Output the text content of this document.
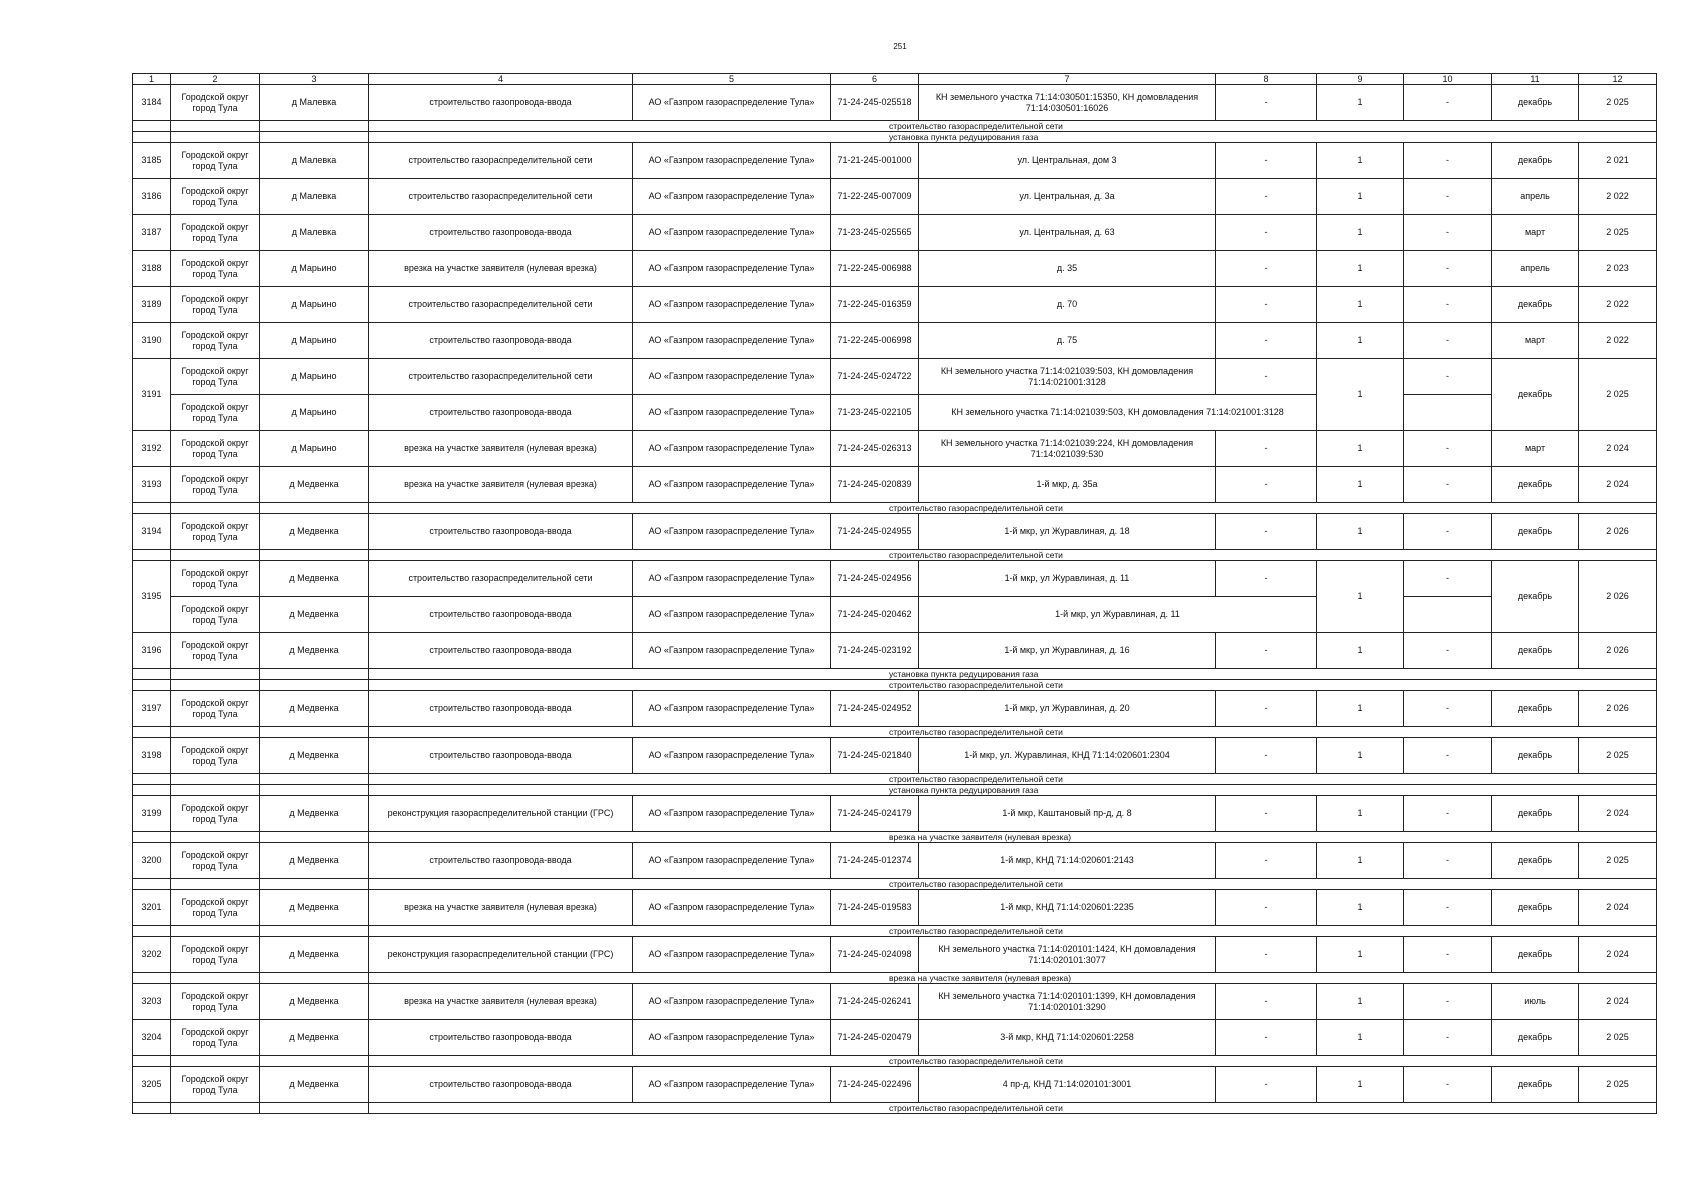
251
1	2	3	4	5	6	7	8	9	10	11	12
3184	Городской округ город Тула	д Малевка	строительство газопровода-ввода	АО «Газпром газораспределение Тула»	71-24-245-025518	КН земельного участка 71:14:030501:15350, КН домовладения 71:14:030501:16026	-	1	-	декабрь	2 025
			строительство газораспределительной сети								
			установка пункта редуцирования газа								
3185	Городской округ город Тула	д Малевка	строительство газораспределительной сети	АО «Газпром газораспределение Тула»	71-21-245-001000	ул. Центральная, дом 3	-	1	-	декабрь	2 021
3186	Городской округ город Тула	д Малевка	строительство газораспределительной сети	АО «Газпром газораспределение Тула»	71-22-245-007009	ул. Центральная, д. 3а	-	1	-	апрель	2 022
3187	Городской округ город Тула	д Малевка	строительство газопровода-ввода	АО «Газпром газораспределение Тула»	71-23-245-025565	ул. Центральная, д. 63	-	1	-	март	2 025
3188	Городской округ город Тула	д Марьино	врезка на участке заявителя (нулевая врезка)	АО «Газпром газораспределение Тула»	71-22-245-006988	д. 35	-	1	-	апрель	2 023
3189	Городской округ город Тула	д Марьино	строительство газораспределительной сети	АО «Газпром газораспределение Тула»	71-22-245-016359	д. 70	-	1	-	декабрь	2 022
3190	Городской округ город Тула	д Марьино	строительство газопровода-ввода	АО «Газпром газораспределение Тула»	71-22-245-006998	д. 75	-	1	-	март	2 022
3191	Городской округ город Тула	д Марьино	строительство газораспределительной сети	АО «Газпром газораспределение Тула»	71-24-245-024722	КН земельного участка 71:14:021039:503, КН домовладения 71:14:021001:3128	-	1	-	декабрь	2 025
	Городской округ город Тула	д Марьино	строительство газопровода-ввода	АО «Газпром газораспределение Тула»	71-23-245-022105	КН земельного участка 71:14:021039:503, КН домовладения 71:14:021001:3128					
3192	Городской округ город Тула	д Марьино	врезка на участке заявителя (нулевая врезка)	АО «Газпром газораспределение Тула»	71-24-245-026313	КН земельного участка 71:14:021039:224, КН домовладения 71:14:021039:530	-	1	-	март	2 024
3193	Городской округ город Тула	д Медвенка	врезка на участке заявителя (нулевая врезка)	АО «Газпром газораспределение Тула»	71-24-245-020839	1-й мкр, д. 35а	-	1	-	декабрь	2 024
			строительство газораспределительной сети								
3194	Городской округ город Тула	д Медвенка	строительство газопровода-ввода	АО «Газпром газораспределение Тула»	71-24-245-024955	1-й мкр, ул Журавлиная, д. 18	-	1	-	декабрь	2 026
			строительство газораспределительной сети								
3195	Городской округ город Тула	д Медвенка	строительство газораспределительной сети	АО «Газпром газораспределение Тула»	71-24-245-024956	1-й мкр, ул Журавлиная, д. 11	-	1	-	декабрь	2 026
	Городской округ город Тула	д Медвенка	строительство газопровода-ввода	АО «Газпром газораспределение Тула»	71-24-245-020462	1-й мкр, ул Журавлиная, д. 11					
3196	Городской округ город Тула	д Медвенка	строительство газопровода-ввода	АО «Газпром газораспределение Тула»	71-24-245-023192	1-й мкр, ул Журавлиная, д. 16	-	1	-	декабрь	2 026
			установка пункта редуцирования газа								
			строительство газораспределительной сети								
3197	Городской округ город Тула	д Медвенка	строительство газопровода-ввода	АО «Газпром газораспределение Тула»	71-24-245-024952	1-й мкр, ул Журавлиная, д. 20	-	1	-	декабрь	2 026
			строительство газораспределительной сети								
3198	Городской округ город Тула	д Медвенка	строительство газопровода-ввода	АО «Газпром газораспределение Тула»	71-24-245-021840	1-й мкр, ул. Журавлиная, КНД 71:14:020601:2304	-	1	-	декабрь	2 025
			строительство газораспределительной сети								
			установка пункта редуцирования газа								
3199	Городской округ город Тула	д Медвенка	реконструкция газораспределительной станции (ГРС)	АО «Газпром газораспределение Тула»	71-24-245-024179	1-й мкр, Каштановый пр-д, д. 8	-	1	-	декабрь	2 024
			врезка на участке заявителя (нулевая врезка)								
3200	Городской округ город Тула	д Медвенка	строительство газопровода-ввода	АО «Газпром газораспределение Тула»	71-24-245-012374	1-й мкр, КНД 71:14:020601:2143	-	1	-	декабрь	2 025
			строительство газораспределительной сети								
3201	Городской округ город Тула	д Медвенка	врезка на участке заявителя (нулевая врезка)	АО «Газпром газораспределение Тула»	71-24-245-019583	1-й мкр, КНД 71:14:020601:2235	-	1	-	декабрь	2 024
			строительство газораспределительной сети								
3202	Городской округ город Тула	д Медвенка	реконструкция газораспределительной станции (ГРС)	АО «Газпром газораспределение Тула»	71-24-245-024098	КН земельного участка 71:14:020101:1424, КН домовладения 71:14:020101:3077	-	1	-	декабрь	2 024
			врезка на участке заявителя (нулевая врезка)								
3203	Городской округ город Тула	д Медвенка	врезка на участке заявителя (нулевая врезка)	АО «Газпром газораспределение Тула»	71-24-245-026241	КН земельного участка 71:14:020101:1399, КН домовладения 71:14:020101:3290	-	1	-	июль	2 024
3204	Городской округ город Тула	д Медвенка	строительство газопровода-ввода	АО «Газпром газораспределение Тула»	71-24-245-020479	3-й мкр, КНД 71:14:020601:2258	-	1	-	декабрь	2 025
			строительство газораспределительной сети								
3205	Городской округ город Тула	д Медвенка	строительство газопровода-ввода	АО «Газпром газораспределение Тула»	71-24-245-022496	4 пр-д, КНД 71:14:020101:3001	-	1	-	декабрь	2 025
			строительство газораспределительной сети								
